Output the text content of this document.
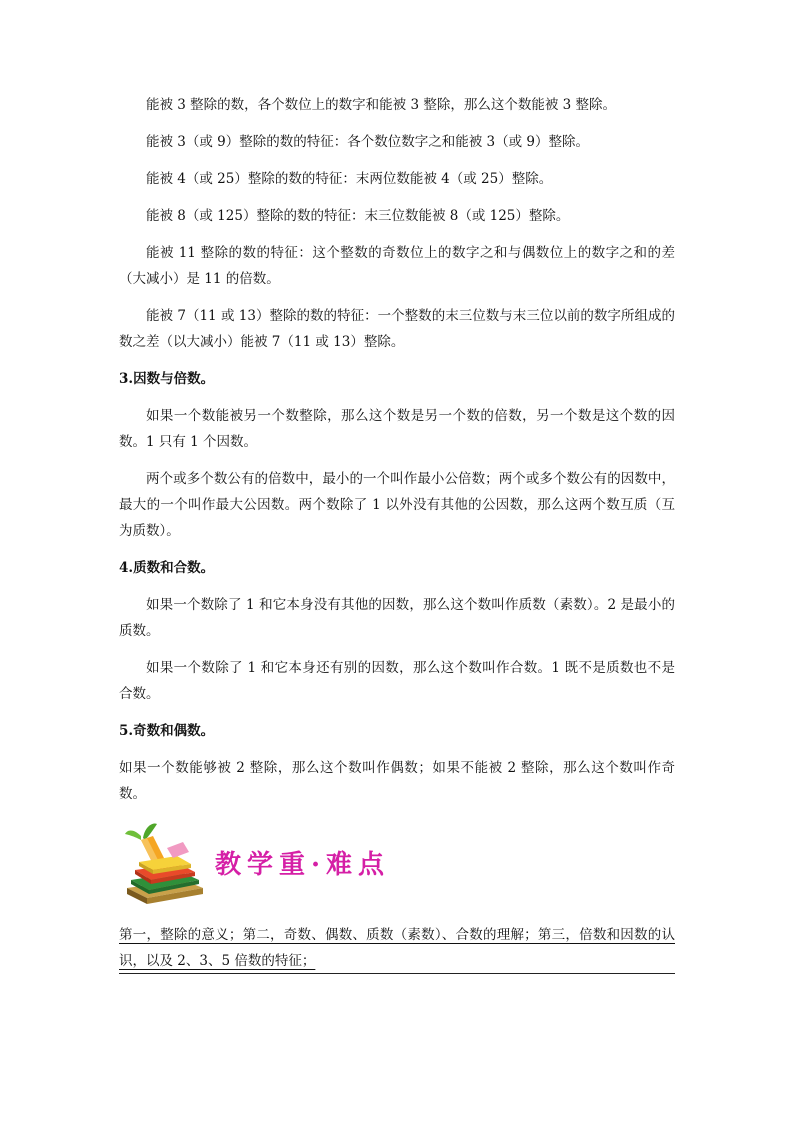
能被 3 整除的数，各个数位上的数字和能被 3 整除，那么这个数能被 3 整除。

能被 3（或 9）整除的数的特征：各个数位数字之和能被 3（或 9）整除。

能被 4（或 25）整除的数的特征：末两位数能被 4（或 25）整除。

能被 8（或 125）整除的数的特征：末三位数能被 8（或 125）整除。

能被 11 整除的数的特征：这个整数的奇数位上的数字之和与偶数位上的数字之和的差（大减小）是 11 的倍数。

能被 7（11 或 13）整除的数的特征：一个整数的末三位数与末三位以前的数字所组成的数之差（以大减小）能被 7（11 或 13）整除。

3.因数与倍数。

如果一个数能被另一个数整除，那么这个数是另一个数的倍数，另一个数是这个数的因数。1 只有 1 个因数。

两个或多个数公有的倍数中，最小的一个叫作最小公倍数；两个或多个数公有的因数中，最大的一个叫作最大公因数。两个数除了 1 以外没有其他的公因数，那么这两个数互质（互为质数）。

4.质数和合数。

如果一个数除了 1 和它本身没有其他的因数，那么这个数叫作质数（素数）。2 是最小的质数。

如果一个数除了 1 和它本身还有别的因数，那么这个数叫作合数。1 既不是质数也不是合数。

5.奇数和偶数。

如果一个数能够被 2 整除，那么这个数叫作偶数；如果不能被 2 整除，那么这个数叫作奇数。

教学重·难点

第一，整除的意义；第二，奇数、偶数、质数（素数）、合数的理解；第三，倍数和因数的认识，以及 2、3、5 倍数的特征；
